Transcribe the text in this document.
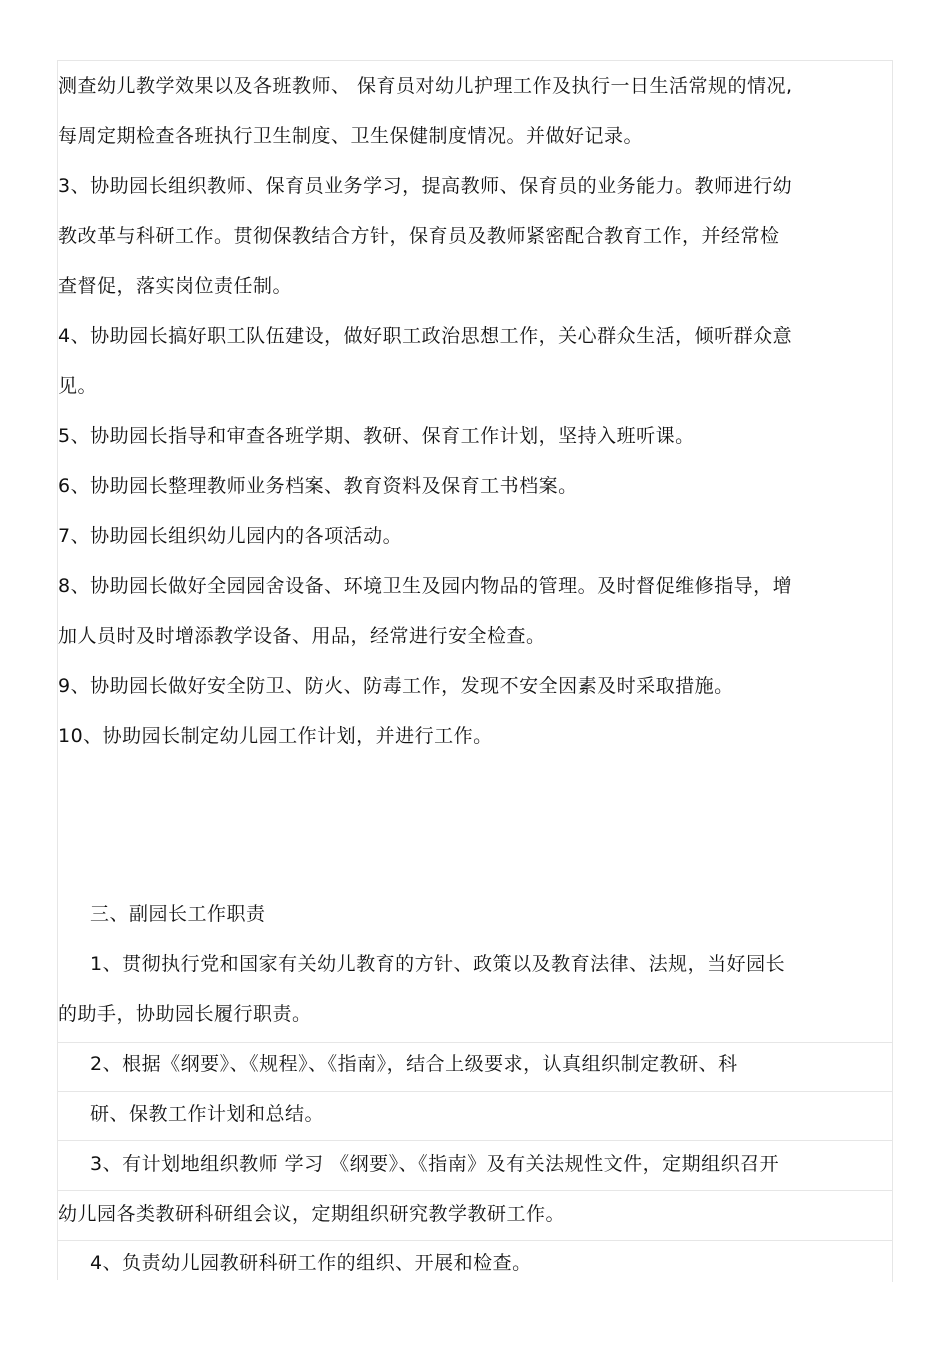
测查幼儿教学效果以及各班教师、 保育员对幼儿护理工作及执行一日生活常规的情况,
每周定期检查各班执行卫生制度、卫生保健制度情况。并做好记录。
3、协助园长组织教师、保育员业务学习，提高教师、保育员的业务能力。教师进行幼
教改革与科研工作。贯彻保教结合方针，保育员及教师紧密配合教育工作，并经常检
查督促，落实岗位责任制。
4、协助园长搞好职工队伍建设，做好职工政治思想工作，关心群众生活，倾听群众意
见。
5、协助园长指导和审查各班学期、教研、保育工作计划，坚持入班听课。
6、协助园长整理教师业务档案、教育资料及保育工书档案。
7、协助园长组织幼儿园内的各项活动。
8、协助园长做好全园园舍设备、环境卫生及园内物品的管理。及时督促维修指导，增
加人员时及时增添教学设备、用品，经常进行安全检查。
9、协助园长做好安全防卫、防火、防毒工作，发现不安全因素及时采取措施。
10、协助园长制定幼儿园工作计划，并进行工作。
三、副园长工作职责
1、贯彻执行党和国家有关幼儿教育的方针、政策以及教育法律、法规，当好园长
的助手，协助园长履行职责。
2、根据《纲要》、《规程》、《指南》，结合上级要求，认真组织制定教研、科
研、保教工作计划和总结。
3、有计划地组织教师 学习 《纲要》、《指南》及有关法规性文件，定期组织召开
幼儿园各类教研科研组会议，定期组织研究教学教研工作。
4、负责幼儿园教研科研工作的组织、开展和检查。
